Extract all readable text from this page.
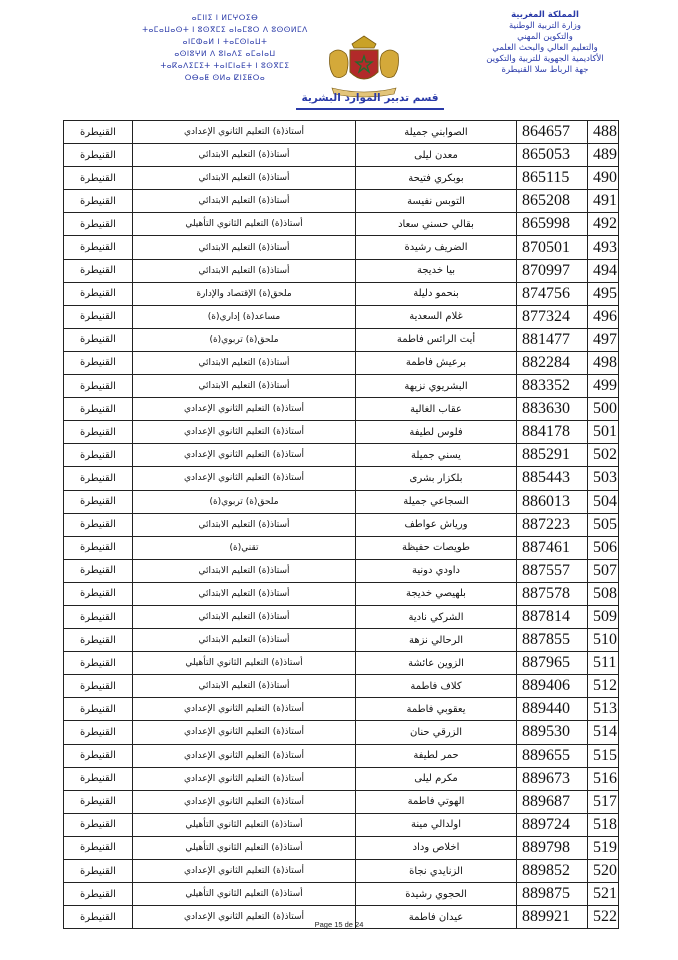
ⴰⵎⵏⵏⵉ ⵏ ⵍⵎⵖⵔⵉⴱ
ⵜⴰⵎⴰⵡⴰⵙⵜ ⵏ ⵓⵙⴳⵎⵉ ⴰⵏⴰⵎⵓⵔ ⴷ ⵓⵙⵙⵍⵎⴷ
ⴰⵏⵎⵀⴰⵍ ⵏ ⵜⴰⵎⵙⵏⴰⵡⵜ
ⴰⵙⵏⵓⵖⵍ ⴷ ⵓⵏⴰⴷⵉ ⴰⵎⴰⵏⴰⵡ
ⵜⴰⴽⴰⴷⵉⵎⵉⵜ ⵜⴰⵏⵎⵏⴰⴹⵜ ⵏ ⵓⵙⴳⵎⵉ
ⵔⴱⴰⵟ ⵙⵍⴰ ⵇⵏⵉⵟⵔⴰ
المملكة المغربية
وزارة التربية الوطنية
والتكوين المهني
والتعليم العالي والبحث العلمي
الأكاديمية الجهوية للتربية والتكوين
جهة الرباط سلا القنيطرة
قسم تدبير الموارد البشرية
القنيطرة	أستاذ(ة) التعليم الثانوي الإعدادي	الصوابني جميلة	864657	488
القنيطرة	أستاذ(ة) التعليم الابتدائي	معدن ليلى	865053	489
القنيطرة	أستاذ(ة) التعليم الابتدائي	بوبكري فتيحة	865115	490
القنيطرة	أستاذ(ة) التعليم الابتدائي	التوبس نفيسة	865208	491
القنيطرة	أستاذ(ة) التعليم الثانوي التأهيلي	بقالي حسني سعاد	865998	492
القنيطرة	أستاذ(ة) التعليم الابتدائي	الضريف رشيدة	870501	493
القنيطرة	أستاذ(ة) التعليم الابتدائي	بيا خديجة	870997	494
القنيطرة	ملحق(ة) الإقتصاد والإدارة	بنحمو دليلة	874756	495
القنيطرة	مساعد(ة) إداري(ة)	غلام السعدية	877324	496
القنيطرة	ملحق(ة) تربوي(ة)	أيت الرائس فاطمة	881477	497
القنيطرة	أستاذ(ة) التعليم الابتدائي	برعيش فاطمة	882284	498
القنيطرة	أستاذ(ة) التعليم الابتدائي	البشريوي نزيهة	883352	499
القنيطرة	أستاذ(ة) التعليم الثانوي الإعدادي	عقاب الغالية	883630	500
القنيطرة	أستاذ(ة) التعليم الثانوي الإعدادي	فلوس لطيفة	884178	501
القنيطرة	أستاذ(ة) التعليم الثانوي الإعدادي	يسني جميلة	885291	502
القنيطرة	أستاذ(ة) التعليم الثانوي الإعدادي	بلكزار بشرى	885443	503
القنيطرة	ملحق(ة) تربوي(ة)	السجاعي جميلة	886013	504
القنيطرة	أستاذ(ة) التعليم الابتدائي	ورياش عواطف	887223	505
القنيطرة	تقني(ة)	طويصات حفيظة	887461	506
القنيطرة	أستاذ(ة) التعليم الابتدائي	داودي دونية	887557	507
القنيطرة	أستاذ(ة) التعليم الابتدائي	بلهيصي خديجة	887578	508
القنيطرة	أستاذ(ة) التعليم الابتدائي	الشركي نادية	887814	509
القنيطرة	أستاذ(ة) التعليم الابتدائي	الرحالي نزهة	887855	510
القنيطرة	أستاذ(ة) التعليم الثانوي التأهيلي	الزوين عائشة	887965	511
القنيطرة	أستاذ(ة) التعليم الابتدائي	كلاف فاطمة	889406	512
القنيطرة	أستاذ(ة) التعليم الثانوي الإعدادي	يعقوبي فاطمة	889440	513
القنيطرة	أستاذ(ة) التعليم الثانوي الإعدادي	الزرقي حنان	889530	514
القنيطرة	أستاذ(ة) التعليم الثانوي الإعدادي	حمر لطيفة	889655	515
القنيطرة	أستاذ(ة) التعليم الثانوي الإعدادي	مكرم ليلى	889673	516
القنيطرة	أستاذ(ة) التعليم الثانوي الإعدادي	الهوتي فاطمة	889687	517
القنيطرة	أستاذ(ة) التعليم الثانوي التأهيلي	اولدالي مينة	889724	518
القنيطرة	أستاذ(ة) التعليم الثانوي التأهيلي	اخلاص وداد	889798	519
القنيطرة	أستاذ(ة) التعليم الثانوي الإعدادي	الزنايدي نجاة	889852	520
القنيطرة	أستاذ(ة) التعليم الثانوي التأهيلي	الحجوي رشيدة	889875	521
القنيطرة	أستاذ(ة) التعليم الثانوي الإعدادي	عيدان فاطمة	889921	522
Page 15 de 24
